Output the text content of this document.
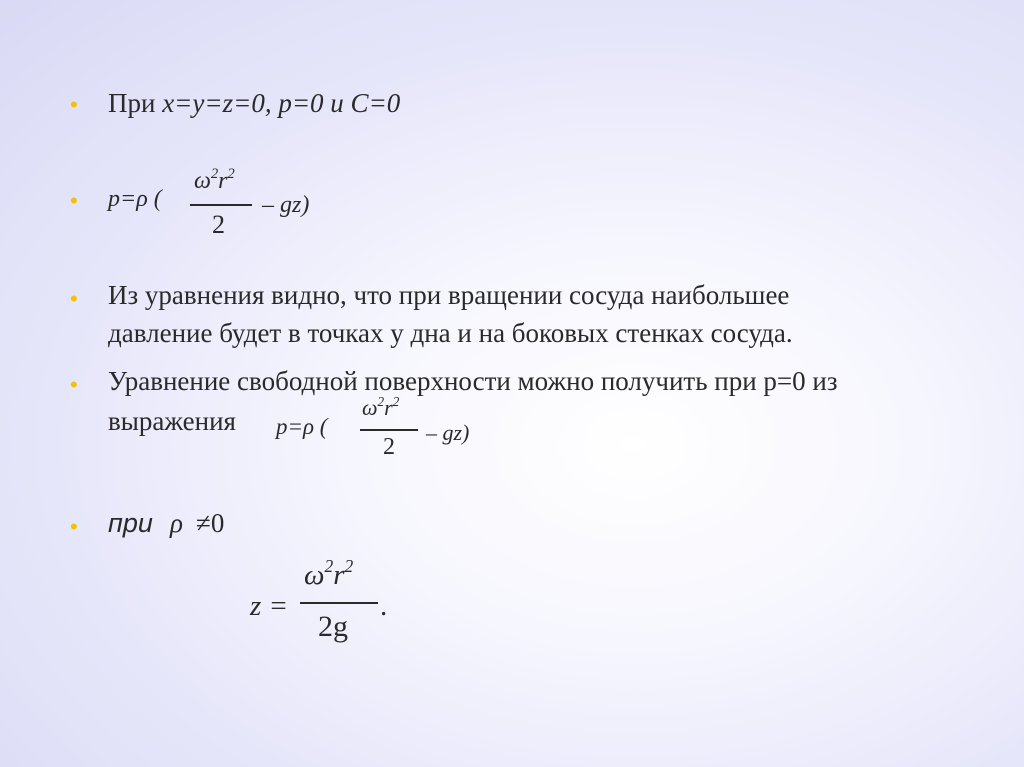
• При x=y=z=0, p=0 и C=0
• p=ρ (
$\omega^2r^2$
2
– gz)
• Из уравнения видно, что при вращении сосуда наибольшее
давление будет в точках у дна и на боковых стенках сосуда.
• Уравнение свободной поверхности можно получить при р=0 из
выражения p=ρ (
$\omega^2r^2$
2
– gz)
• при ρ ≠0
z =
$\omega^2r^2$
2g
.
